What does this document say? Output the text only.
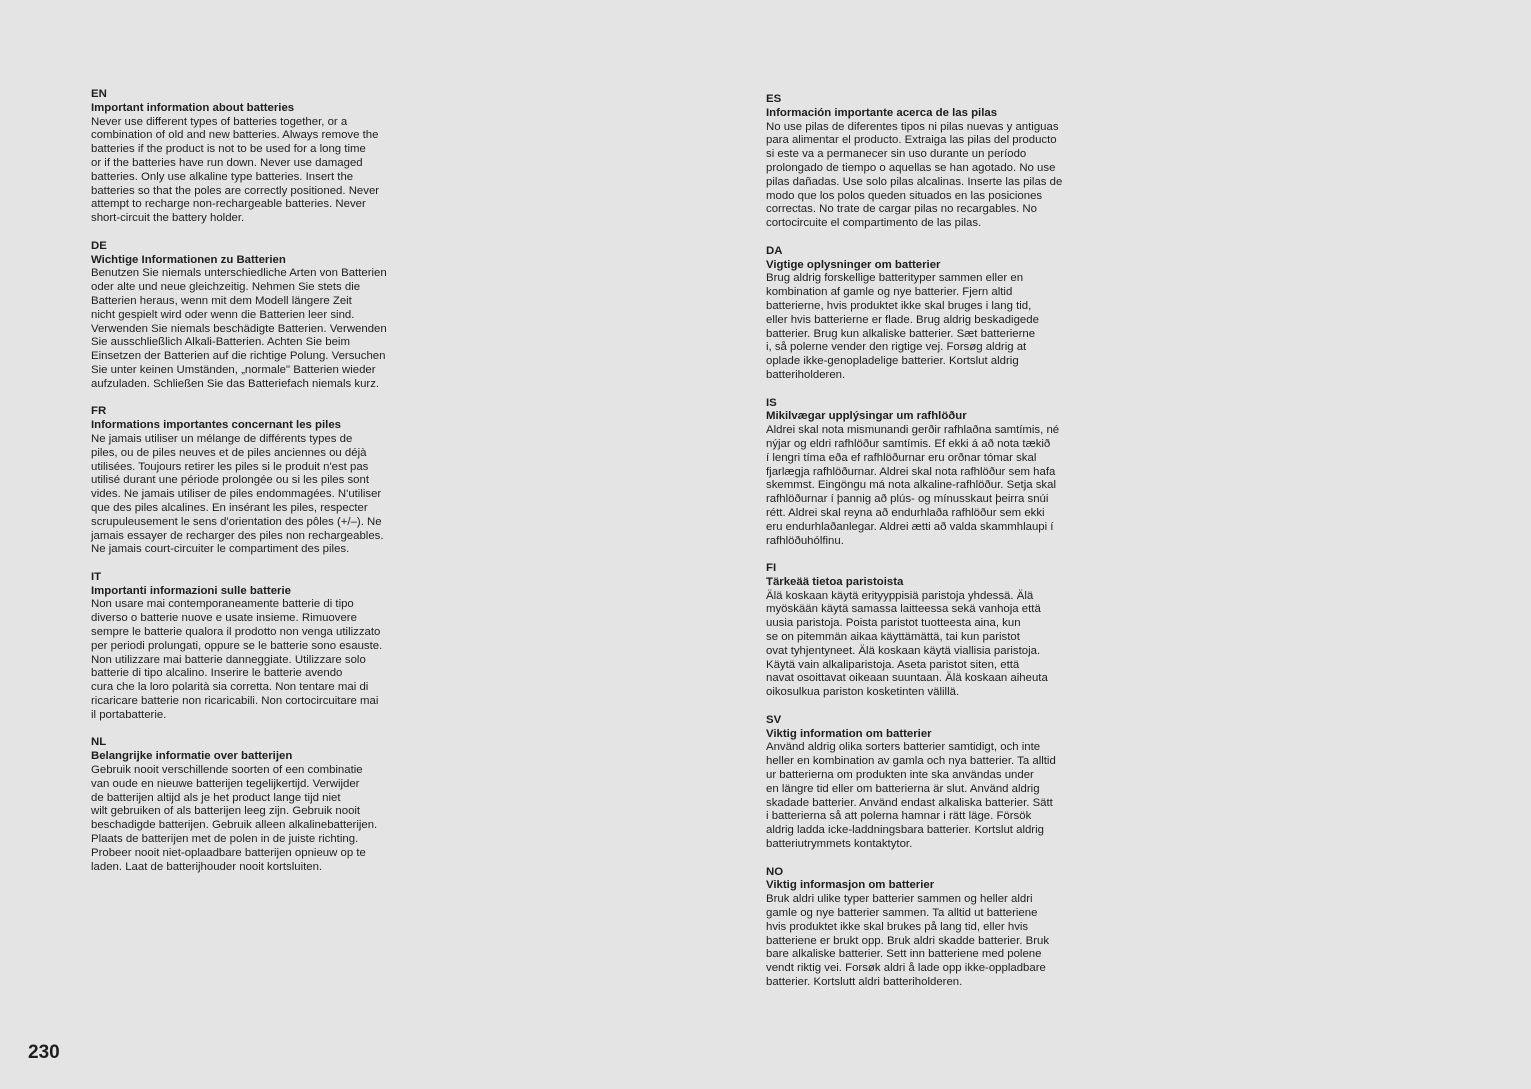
EN
Important information about batteries
Never use different types of batteries together, or a
combination of old and new batteries. Always remove the
batteries if the product is not to be used for a long time
or if the batteries have run down. Never use damaged
batteries. Only use alkaline type batteries. Insert the
batteries so that the poles are correctly positioned. Never
attempt to recharge non-rechargeable batteries. Never
short-circuit the battery holder.
DE
Wichtige Informationen zu Batterien
Benutzen Sie niemals unterschiedliche Arten von Batterien
oder alte und neue gleichzeitig. Nehmen Sie stets die
Batterien heraus, wenn mit dem Modell längere Zeit
nicht gespielt wird oder wenn die Batterien leer sind.
Verwenden Sie niemals beschädigte Batterien. Verwenden
Sie ausschließlich Alkali-Batterien. Achten Sie beim
Einsetzen der Batterien auf die richtige Polung. Versuchen
Sie unter keinen Umständen, „normale" Batterien wieder
aufzuladen. Schließen Sie das Batteriefach niemals kurz.
FR
Informations importantes concernant les piles
Ne jamais utiliser un mélange de différents types de
piles, ou de piles neuves et de piles anciennes ou déjà
utilisées. Toujours retirer les piles si le produit n'est pas
utilisé durant une période prolongée ou si les piles sont
vides. Ne jamais utiliser de piles endommagées. N'utiliser
que des piles alcalines. En insérant les piles, respecter
scrupuleusement le sens d'orientation des pôles (+/–). Ne
jamais essayer de recharger des piles non rechargeables.
Ne jamais court-circuiter le compartiment des piles.
IT
Importanti informazioni sulle batterie
Non usare mai contemporaneamente batterie di tipo
diverso o batterie nuove e usate insieme. Rimuovere
sempre le batterie qualora il prodotto non venga utilizzato
per periodi prolungati, oppure se le batterie sono esauste.
Non utilizzare mai batterie danneggiate. Utilizzare solo
batterie di tipo alcalino. Inserire le batterie avendo
cura che la loro polarità sia corretta. Non tentare mai di
ricaricare batterie non ricaricabili. Non cortocircuitare mai
il portabatterie.
NL
Belangrijke informatie over batterijen
Gebruik nooit verschillende soorten of een combinatie
van oude en nieuwe batterijen tegelijkertijd. Verwijder
de batterijen altijd als je het product lange tijd niet
wilt gebruiken of als batterijen leeg zijn. Gebruik nooit
beschadigde batterijen. Gebruik alleen alkalinebatterijen.
Plaats de batterijen met de polen in de juiste richting.
Probeer nooit niet-oplaadbare batterijen opnieuw op te
laden. Laat de batterijhouder nooit kortsluiten.
ES
Información importante acerca de las pilas
No use pilas de diferentes tipos ni pilas nuevas y antiguas
para alimentar el producto. Extraiga las pilas del producto
si este va a permanecer sin uso durante un período
prolongado de tiempo o aquellas se han agotado. No use
pilas dañadas. Use solo pilas alcalinas. Inserte las pilas de
modo que los polos queden situados en las posiciones
correctas. No trate de cargar pilas no recargables. No
cortocircuite el compartimento de las pilas.
DA
Vigtige oplysninger om batterier
Brug aldrig forskellige batterityper sammen eller en
kombination af gamle og nye batterier. Fjern altid
batterierne, hvis produktet ikke skal bruges i lang tid,
eller hvis batterierne er flade. Brug aldrig beskadigede
batterier. Brug kun alkaliske batterier. Sæt batterierne
i, så polerne vender den rigtige vej. Forsøg aldrig at
oplade ikke-genopladelige batterier. Kortslut aldrig
batteriholderen.
IS
Mikilvægar upplýsingar um rafhlöður
Aldrei skal nota mismunandi gerðir rafhlaðna samtímis, né
nýjar og eldri rafhlöður samtímis. Ef ekki á að nota tækið
í lengri tíma eða ef rafhlöðurnar eru orðnar tómar skal
fjarlægja rafhlöðurnar. Aldrei skal nota rafhlöður sem hafa
skemmst. Eingöngu má nota alkaline-rafhlöður. Setja skal
rafhlöðurnar í þannig að plús- og mínusskaut þeirra snúi
rétt. Aldrei skal reyna að endurhlaða rafhlöður sem ekki
eru endurhlaðanlegar. Aldrei ætti að valda skammhlaupi í
rafhlöðuhólfinu.
FI
Tärkeää tietoa paristoista
Älä koskaan käytä erityyppisiä paristoja yhdessä. Älä
myöskään käytä samassa laitteessa sekä vanhoja että
uusia paristoja. Poista paristot tuotteesta aina, kun
se on pitemmän aikaa käyttämättä, tai kun paristot
ovat tyhjentyneet. Älä koskaan käytä viallisia paristoja.
Käytä vain alkaliparistoja. Aseta paristot siten, että
navat osoittavat oikeaan suuntaan. Älä koskaan aiheuta
oikosulkua pariston kosketinten välillä.
SV
Viktig information om batterier
Använd aldrig olika sorters batterier samtidigt, och inte
heller en kombination av gamla och nya batterier. Ta alltid
ur batterierna om produkten inte ska användas under
en längre tid eller om batterierna är slut. Använd aldrig
skadade batterier. Använd endast alkaliska batterier. Sätt
i batterierna så att polerna hamnar i rätt läge. Försök
aldrig ladda icke-laddningsbara batterier. Kortslut aldrig
batteriutrymmets kontaktytor.
NO
Viktig informasjon om batterier
Bruk aldri ulike typer batterier sammen og heller aldri
gamle og nye batterier sammen. Ta alltid ut batteriene
hvis produktet ikke skal brukes på lang tid, eller hvis
batteriene er brukt opp. Bruk aldri skadde batterier. Bruk
bare alkaliske batterier. Sett inn batteriene med polene
vendt riktig vei. Forsøk aldri å lade opp ikke-oppladbare
batterier. Kortslutt aldri batteriholderen.
230
